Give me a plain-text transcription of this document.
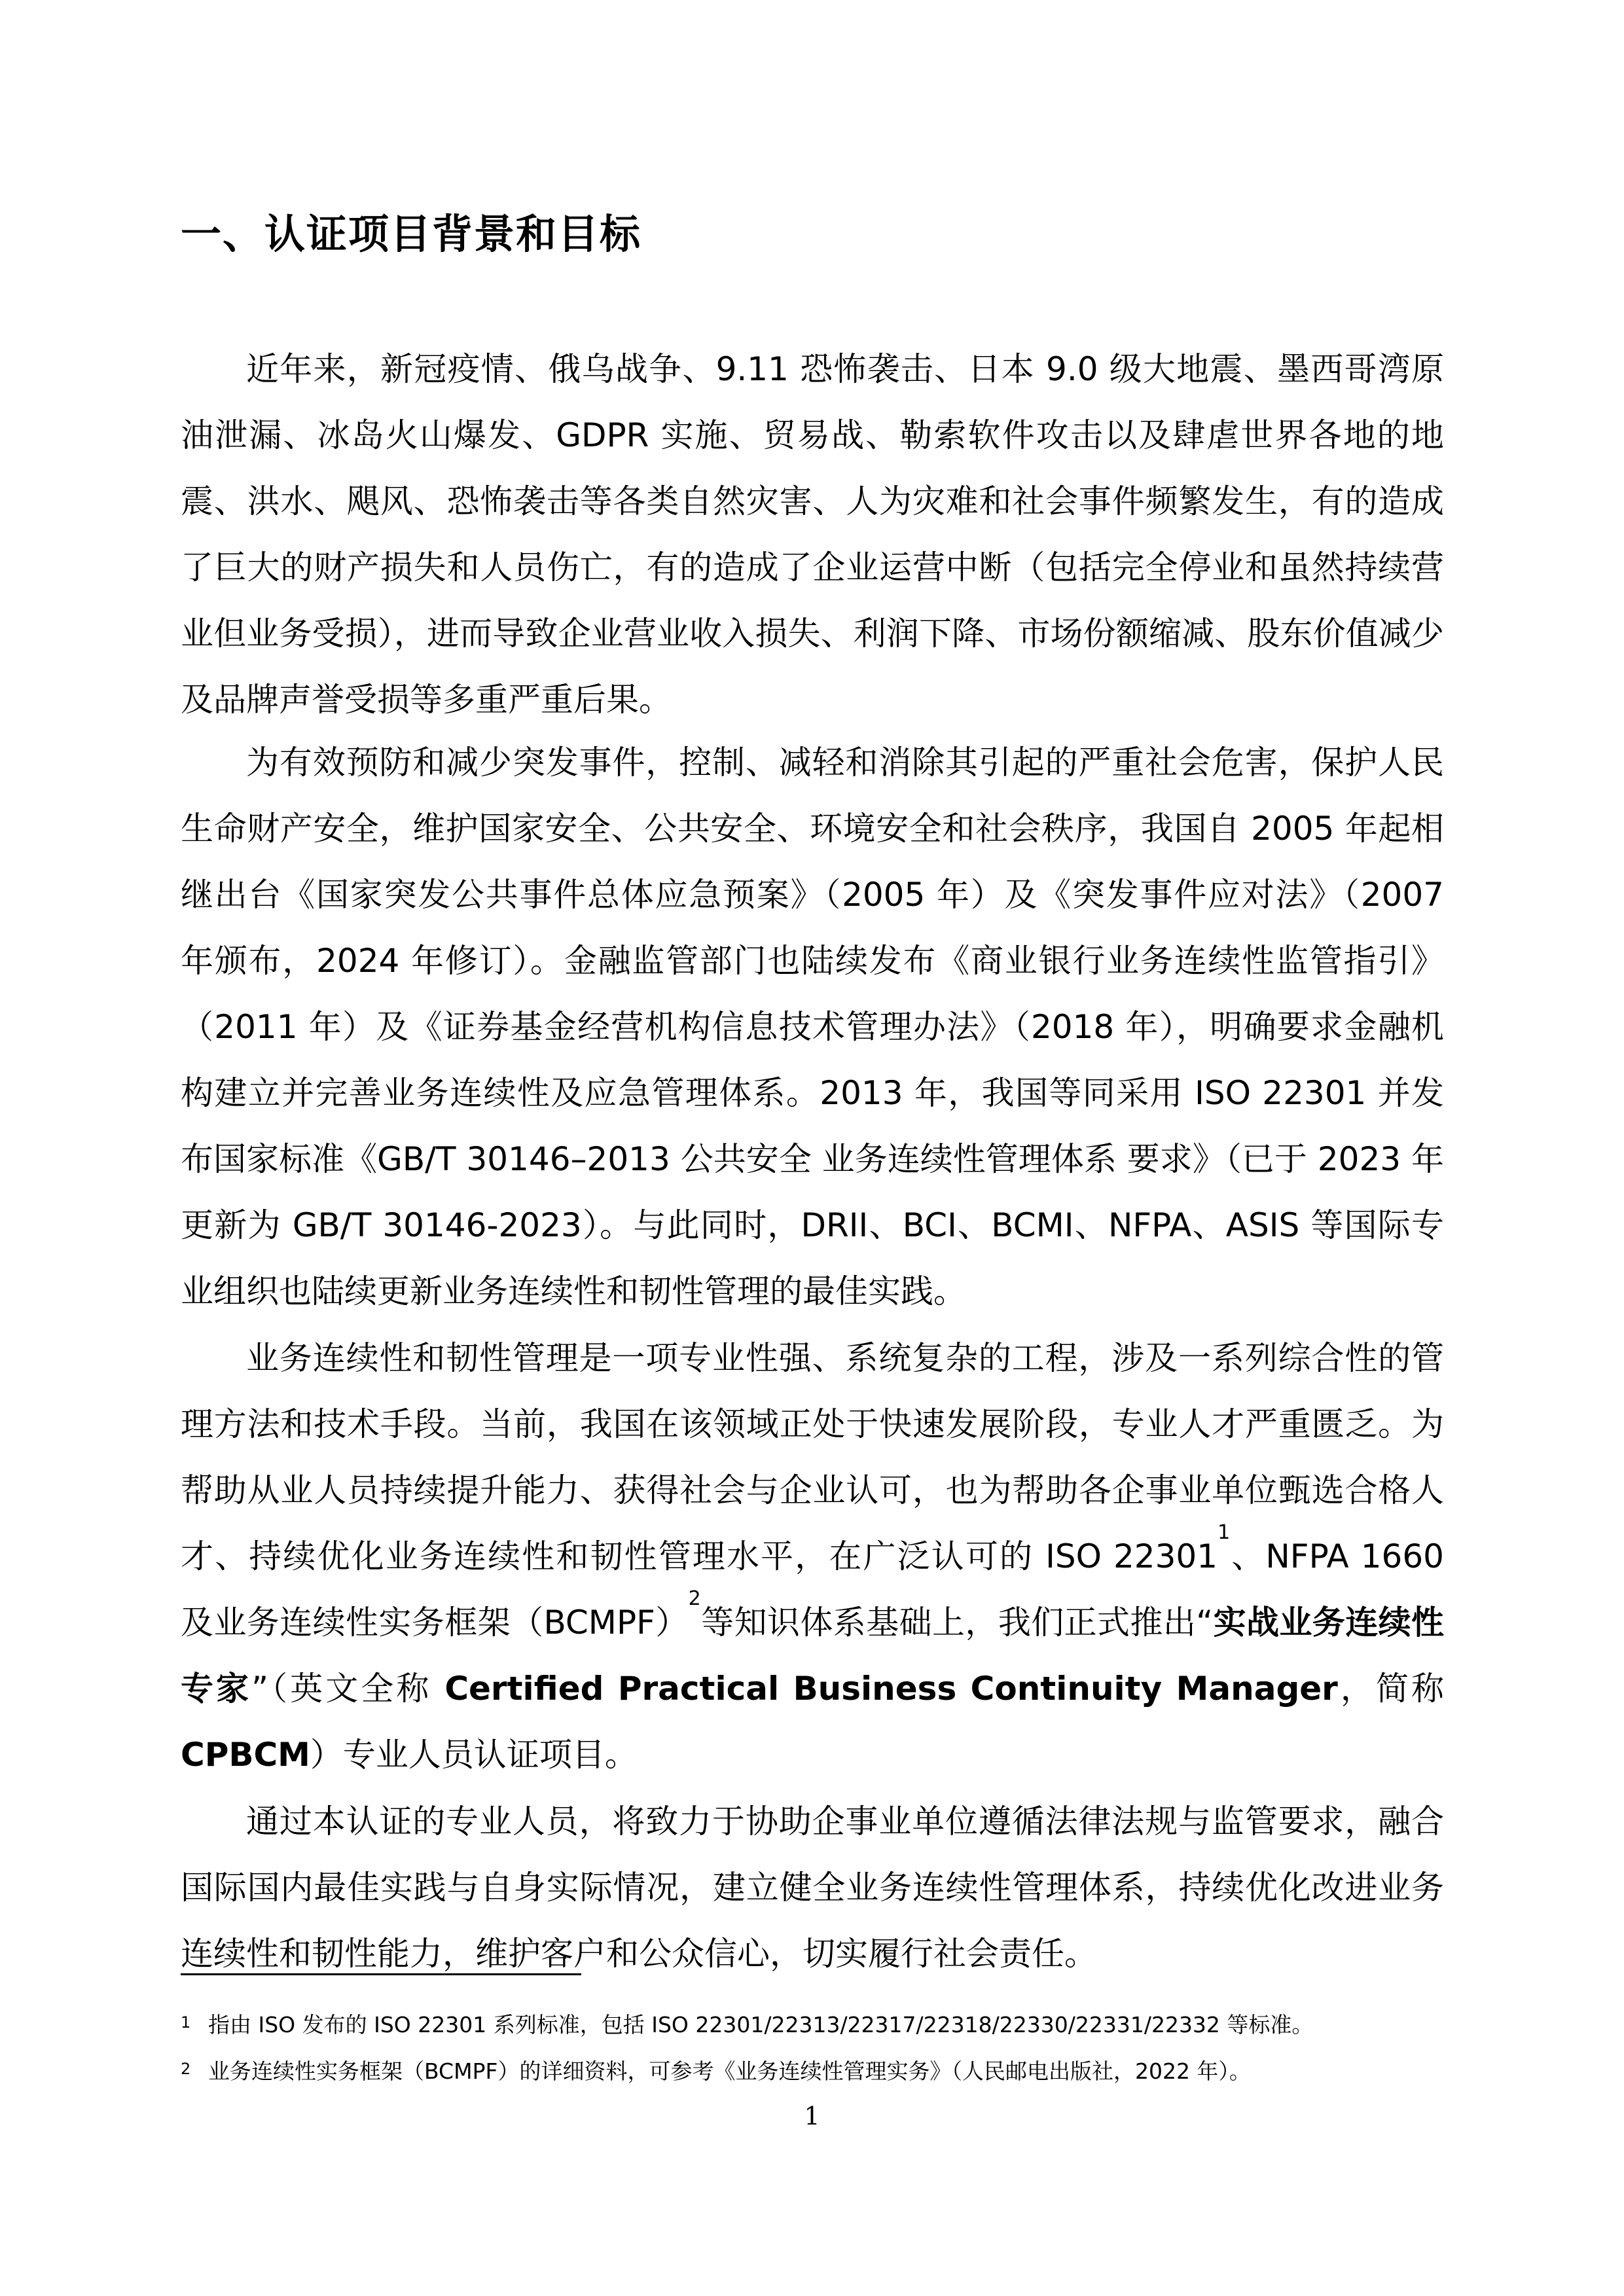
一、认证项目背景和目标

近年来，新冠疫情、俄乌战争、9.11 恐怖袭击、日本 9.0 级大地震、墨西哥湾原油泄漏、冰岛火山爆发、GDPR 实施、贸易战、勒索软件攻击以及肆虐世界各地的地震、洪水、飓风、恐怖袭击等各类自然灾害、人为灾难和社会事件频繁发生，有的造成了巨大的财产损失和人员伤亡，有的造成了企业运营中断（包括完全停业和虽然持续营业但业务受损），进而导致企业营业收入损失、利润下降、市场份额缩减、股东价值减少及品牌声誉受损等多重严重后果。

为有效预防和减少突发事件，控制、减轻和消除其引起的严重社会危害，保护人民生命财产安全，维护国家安全、公共安全、环境安全和社会秩序，我国自 2005 年起相继出台《国家突发公共事件总体应急预案》（2005 年）及《突发事件应对法》（2007 年颁布，2024 年修订）。金融监管部门也陆续发布《商业银行业务连续性监管指引》（2011 年）及《证券基金经营机构信息技术管理办法》（2018 年），明确要求金融机构建立并完善业务连续性及应急管理体系。2013 年，我国等同采用 ISO 22301 并发布国家标准《GB/T 30146–2013 公共安全 业务连续性管理体系 要求》（已于 2023 年更新为 GB/T 30146-2023）。与此同时，DRII、BCI、BCMI、NFPA、ASIS 等国际专业组织也陆续更新业务连续性和韧性管理的最佳实践。

业务连续性和韧性管理是一项专业性强、系统复杂的工程，涉及一系列综合性的管理方法和技术手段。当前，我国在该领域正处于快速发展阶段，专业人才严重匮乏。为帮助从业人员持续提升能力、获得社会与企业认可，也为帮助各企事业单位甄选合格人才、持续优化业务连续性和韧性管理水平，在广泛认可的 ISO 22301$^1$、NFPA 1660 及业务连续性实务框架（BCMPF）$^2$等知识体系基础上，我们正式推出“实战业务连续性专家”（英文全称 Certified Practical Business Continuity Manager，简称 CPBCM）专业人员认证项目。

通过本认证的专业人员，将致力于协助企事业单位遵循法律法规与监管要求，融合国际国内最佳实践与自身实际情况，建立健全业务连续性管理体系，持续优化改进业务连续性和韧性能力，维护客户和公众信心，切实履行社会责任。

1 指由 ISO 发布的 ISO 22301 系列标准，包括 ISO 22301/22313/22317/22318/22330/22331/22332 等标准。

2 业务连续性实务框架（BCMPF）的详细资料，可参考《业务连续性管理实务》（人民邮电出版社，2022 年）。

1
